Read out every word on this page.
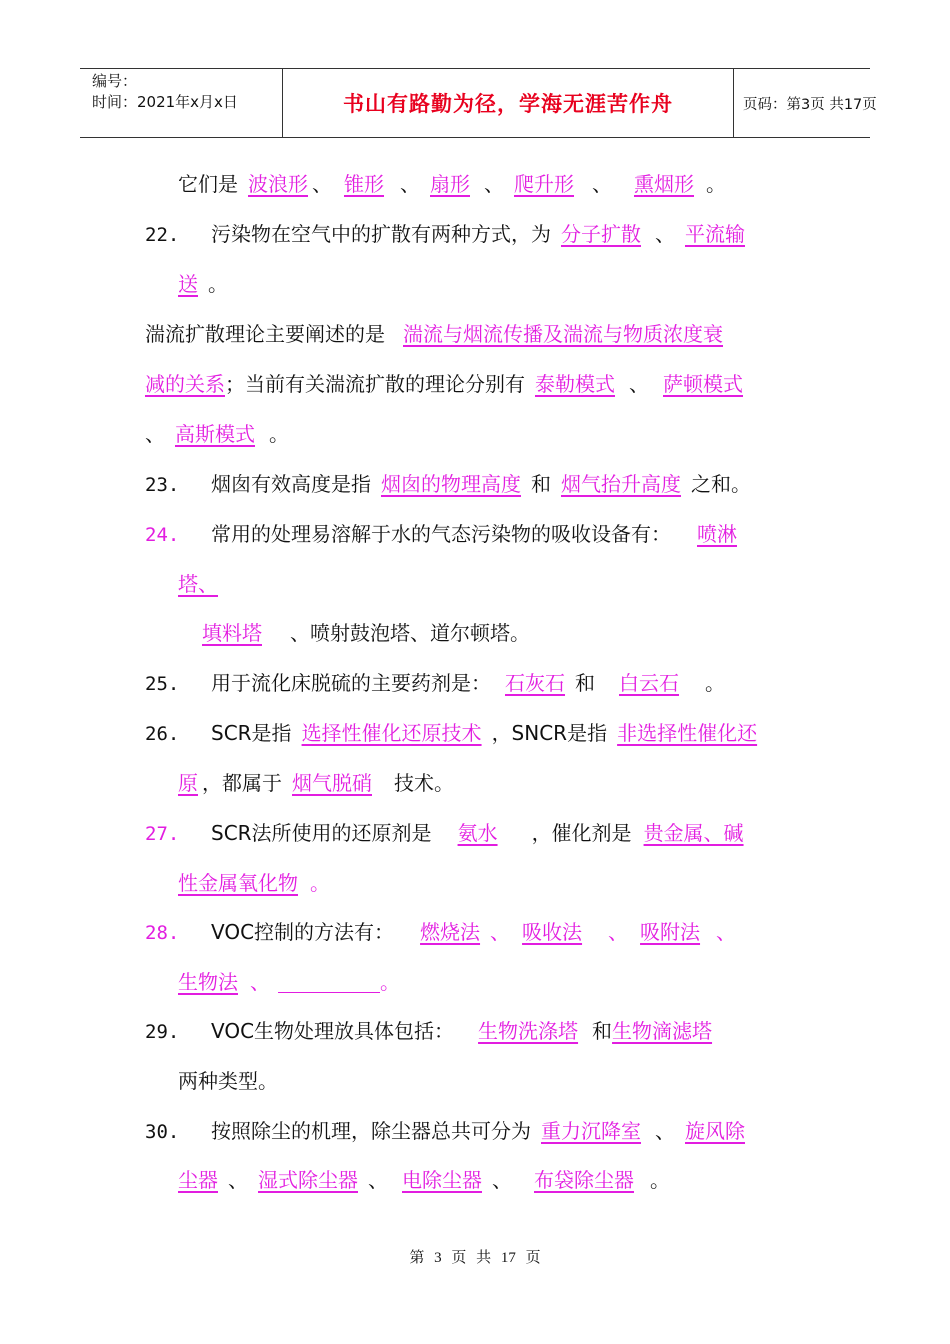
编号：
时间：2021年x月x日	书山有路勤为径，学海无涯苦作舟	页码：第3页 共17页
它们是 波浪形 、 锥形 、 扇形 、 爬升形 、 熏烟形 。
22. 污染物在空气中的扩散有两种方式，为 分子扩散 、 平流输
送 。
湍流扩散理论主要阐述的是 湍流与烟流传播及湍流与物质浓度衰
减的关系；当前有关湍流扩散的理论分别有 泰勒模式 、 萨顿模式
、 高斯模式 。
23. 烟囱有效高度是指 烟囱的物理高度 和 烟气抬升高度 之和。
24. 常用的处理易溶解于水的气态污染物的吸收设备有： 喷淋
塔、
填料塔 、喷射鼓泡塔、道尔顿塔。
25. 用于流化床脱硫的主要药剂是： 石灰石 和 白云石 。
26. SCR是指 选择性催化还原技术 ，SNCR是指 非选择性催化还
原 ，都属于 烟气脱硝 技术。
27. SCR法所使用的还原剂是 氨水 ，催化剂是 贵金属、碱
性金属氧化物 。
28. VOC控制的方法有： 燃烧法 、 吸收法 、 吸附法 、
生物法 、	。
29. VOC生物处理放具体包括： 生物洗涤塔 和生物滴滤塔
两种类型。
30. 按照除尘的机理，除尘器总共可分为 重力沉降室 、 旋风除
尘器 、 湿式除尘器 、 电除尘器 、 布袋除尘器 。
第 3 页 共 17 页
